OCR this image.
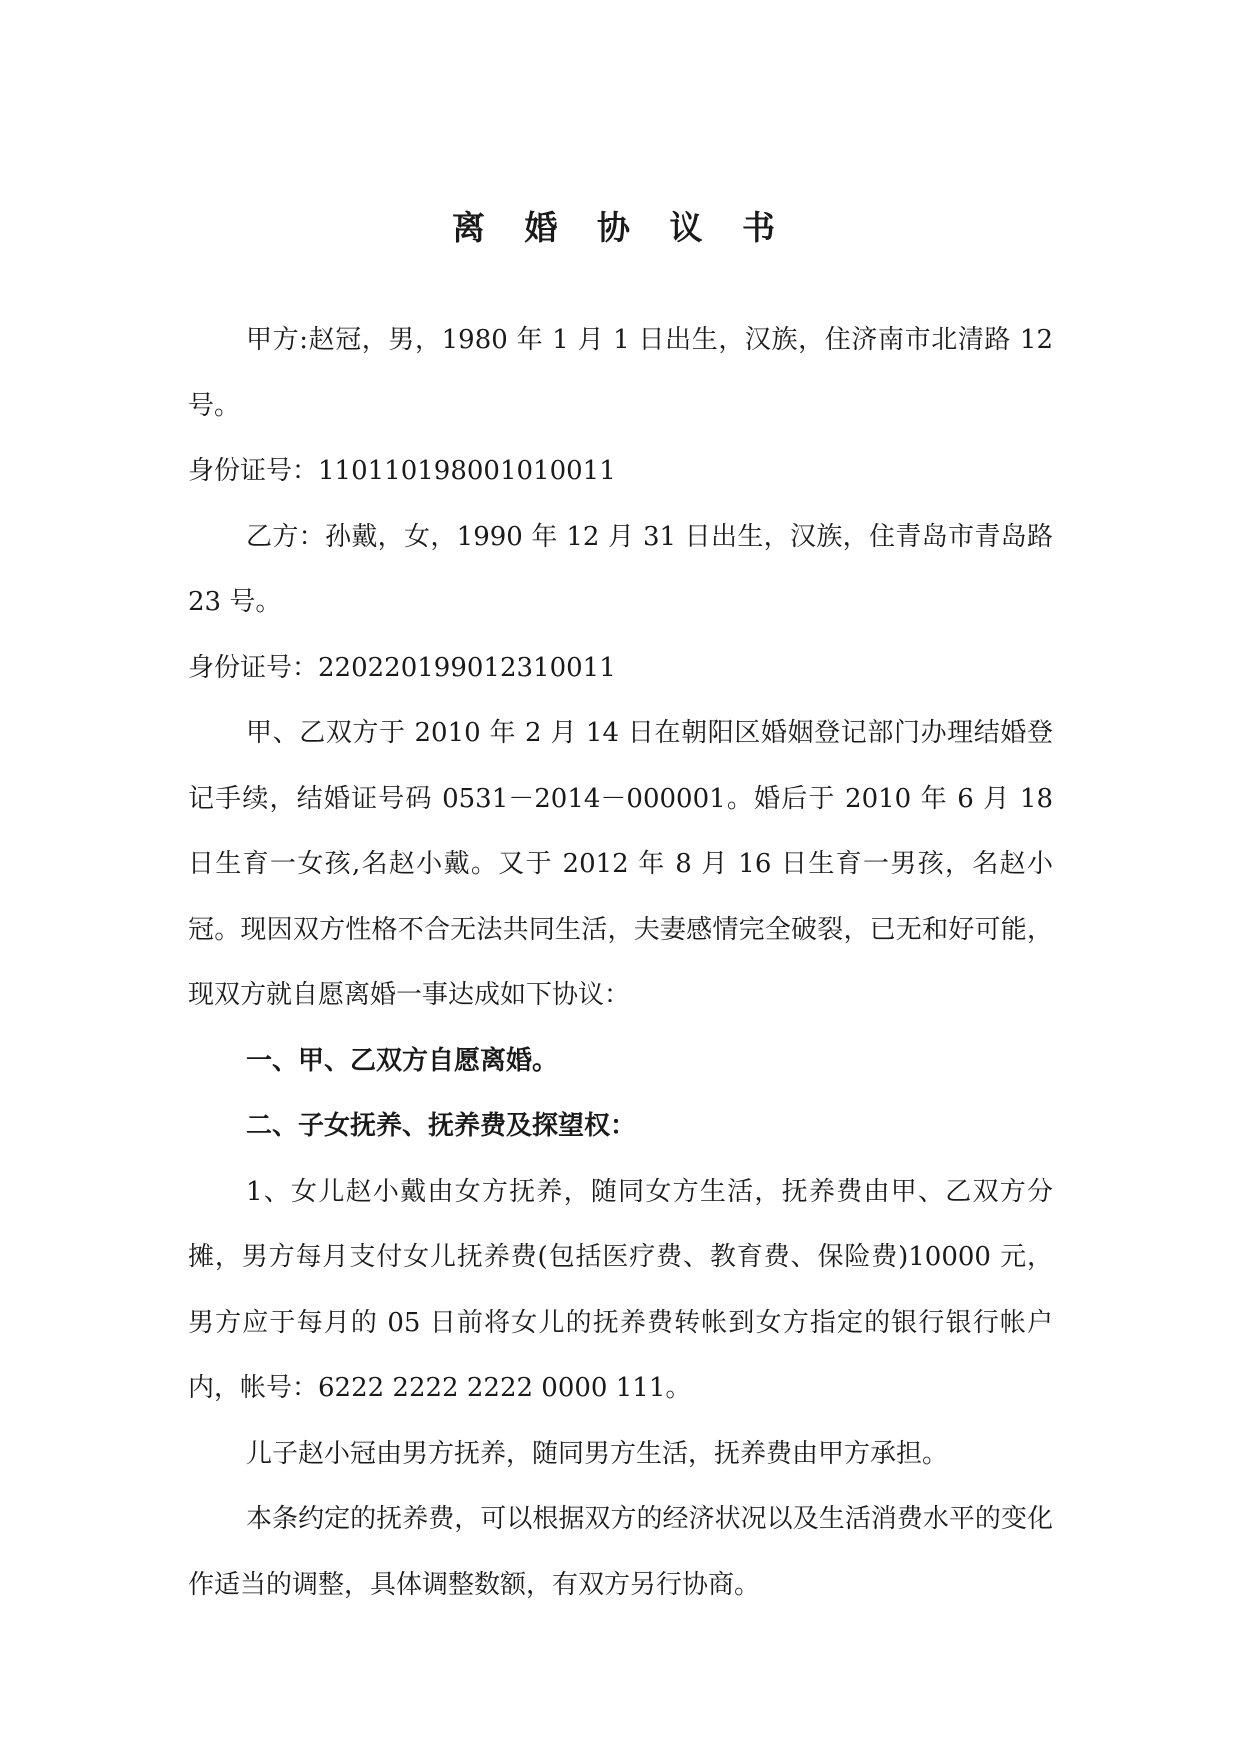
离 婚 协 议 书

甲方:赵冠，男，1980 年 1 月 1 日出生，汉族，住济南市北清路 12 号。

身份证号：110110198001010011

乙方：孙戴，女，1990 年 12 月 31 日出生，汉族，住青岛市青岛路 23 号。

身份证号：220220199012310011

甲、乙双方于 2010 年 2 月 14 日在朝阳区婚姻登记部门办理结婚登记手续，结婚证号码 0531－2014－000001。婚后于 2010 年 6 月 18 日生育一女孩,名赵小戴。又于 2012 年 8 月 16 日生育一男孩，名赵小冠。现因双方性格不合无法共同生活，夫妻感情完全破裂，已无和好可能，现双方就自愿离婚一事达成如下协议：

一、甲、乙双方自愿离婚。

二、子女抚养、抚养费及探望权：

1、女儿赵小戴由女方抚养，随同女方生活，抚养费由甲、乙双方分摊，男方每月支付女儿抚养费(包括医疗费、教育费、保险费)10000 元，男方应于每月的 05 日前将女儿的抚养费转帐到女方指定的银行银行帐户内，帐号：6222 2222 2222 0000 111。

儿子赵小冠由男方抚养，随同男方生活，抚养费由甲方承担。

本条约定的抚养费，可以根据双方的经济状况以及生活消费水平的变化作适当的调整，具体调整数额，有双方另行协商。
